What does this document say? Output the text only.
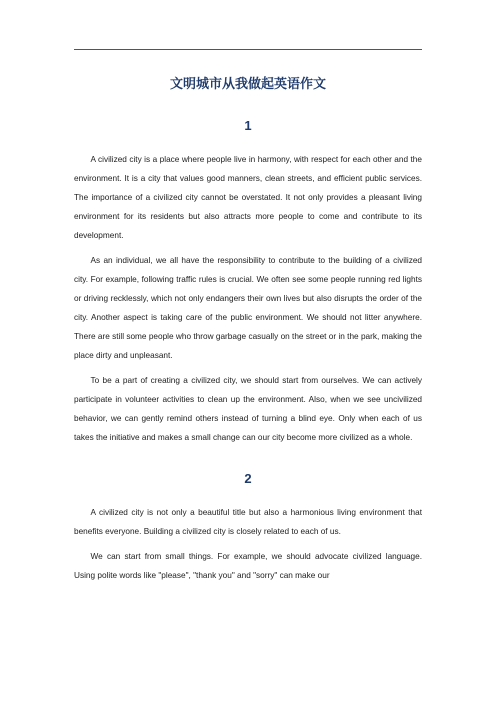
文明城市从我做起英语作文
1

A civilized city is a place where people live in harmony, with respect for each other and the environment. It is a city that values good manners, clean streets, and efficient public services. The importance of a civilized city cannot be overstated. It not only provides a pleasant living environment for its residents but also attracts more people to come and contribute to its development.

As an individual, we all have the responsibility to contribute to the building of a civilized city. For example, following traffic rules is crucial. We often see some people running red lights or driving recklessly, which not only endangers their own lives but also disrupts the order of the city. Another aspect is taking care of the public environment. We should not litter anywhere. There are still some people who throw garbage casually on the street or in the park, making the place dirty and unpleasant.

To be a part of creating a civilized city, we should start from ourselves. We can actively participate in volunteer activities to clean up the environment. Also, when we see uncivilized behavior, we can gently remind others instead of turning a blind eye. Only when each of us takes the initiative and makes a small change can our city become more civilized as a whole.

2

A civilized city is not only a beautiful title but also a harmonious living environment that benefits everyone. Building a civilized city is closely related to each of us.

We can start from small things. For example, we should advocate civilized language. Using polite words like "please", "thank you" and "sorry" can make our
